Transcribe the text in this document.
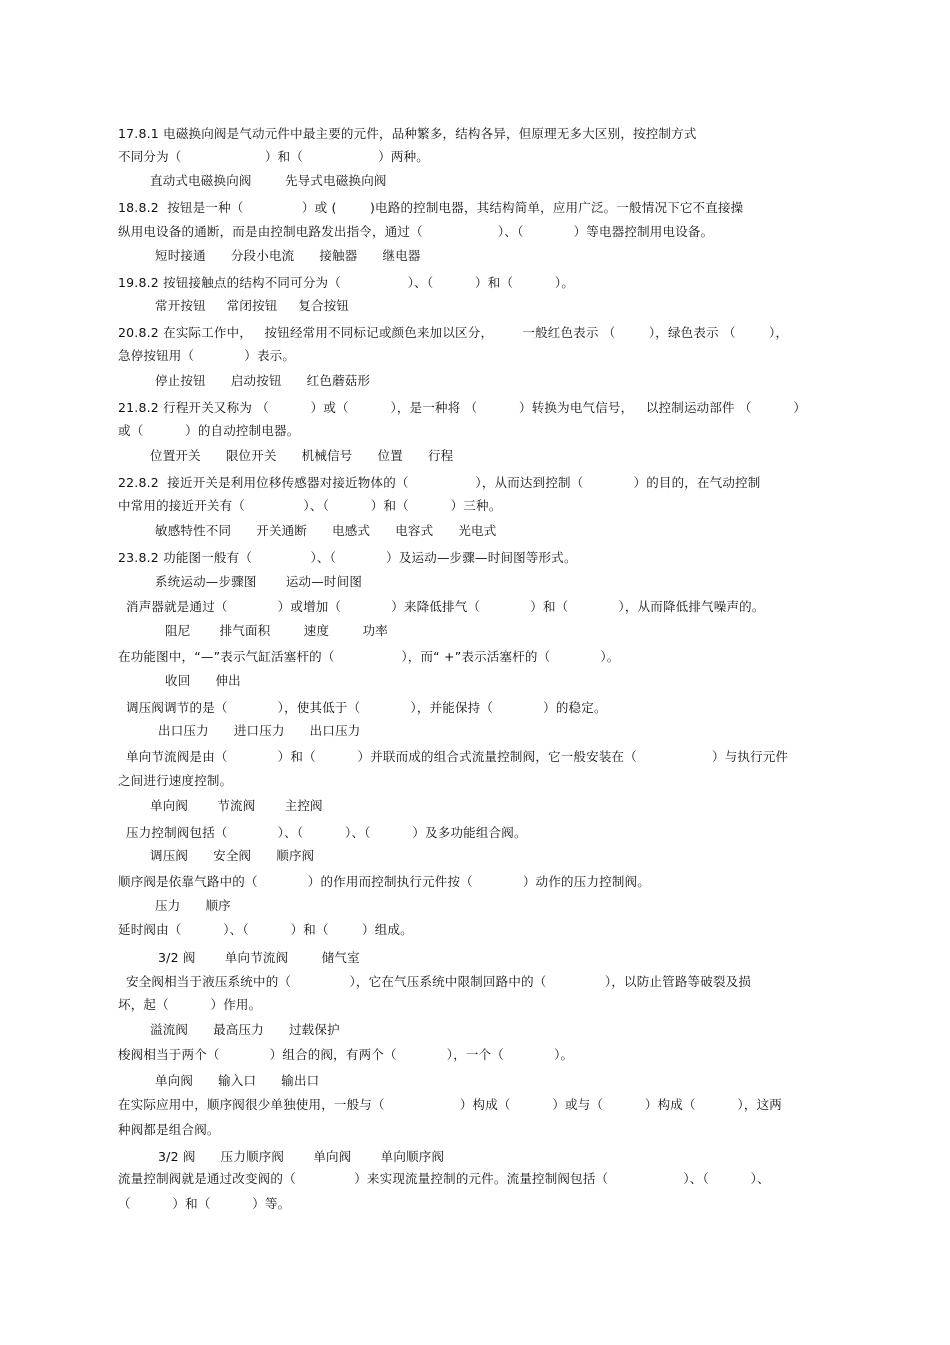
17.8.1 电磁换向阀是气动元件中最主要的元件，品种繁多，结构各异，但原理无多大区别，按控制方式
不同分为（                    ）和（                  ）两种。
直动式电磁换向阀        先导式电磁换向阀
18.8.2  按钮是一种（              ）或 (        )电路的控制电器，其结构简单，应用广泛。一般情况下它不直接操
纵用电设备的通断，而是由控制电路发出指令，通过（                  ）、（            ）等电器控制用电设备。
短时接通      分段小电流      接触器      继电器
19.8.2 按钮接触点的结构不同可分为（                ）、（          ）和（          ）。
常开按钮     常闭按钮     复合按钮
20.8.2 在实际工作中，   按钮经常用不同标记或颜色来加以区分，       一般红色表示 （        ），绿色表示 （        ），
急停按钮用（            ）表示。
停止按钮      启动按钮      红色蘑菇形
21.8.2 行程开关又称为 （          ）或（          ），是一种将 （          ）转换为电气信号，   以控制运动部件 （          ）
或（          ）的自动控制电器。
位置开关      限位开关      机械信号      位置      行程
22.8.2  接近开关是利用位移传感器对接近物体的（                ），从而达到控制（            ）的目的，在气动控制
中常用的接近开关有（              ）、（          ）和（          ）三种。
敏感特性不同      开关通断      电感式      电容式      光电式
23.8.2 功能图一般有（              ）、（            ）及运动—步骤—时间图等形式。
系统运动—步骤图       运动—时间图
消声器就是通过（            ）或增加（            ）来降低排气（            ）和（            ），从而降低排气噪声的。
阻尼       排气面积        速度        功率
在功能图中，“—”表示气缸活塞杆的（                ），而“ +”表示活塞杆的（            ）。
收回      伸出
调压阀调节的是（            ），使其低于（            ），并能保持（            ）的稳定。
出口压力      进口压力      出口压力
单向节流阀是由（            ）和（          ）并联而成的组合式流量控制阀，它一般安装在（                  ）与执行元件
之间进行速度控制。
单向阀       节流阀       主控阀
压力控制阀包括（            ）、（          ）、（          ）及多功能组合阀。
调压阀      安全阀      顺序阀
顺序阀是依靠气路中的（            ）的作用而控制执行元件按（            ）动作的压力控制阀。
压力      顺序
延时阀由（          ）、（          ）和（        ）组成。
3/2 阀       单向节流阀        储气室
安全阀相当于液压系统中的（              ），它在气压系统中限制回路中的（              ），以防止管路等破裂及损
坏，起（          ）作用。
溢流阀      最高压力      过载保护
梭阀相当于两个（            ）组合的阀，有两个（            ），一个（            ）。
单向阀      输入口      输出口
在实际应用中，顺序阀很少单独使用，一般与（                  ）构成（          ）或与（          ）构成（          ），这两
种阀都是组合阀。
3/2 阀      压力顺序阀       单向阀       单向顺序阀
流量控制阀就是通过改变阀的（              ）来实现流量控制的元件。流量控制阀包括（                  ）、（          ）、
（          ）和（          ）等。
